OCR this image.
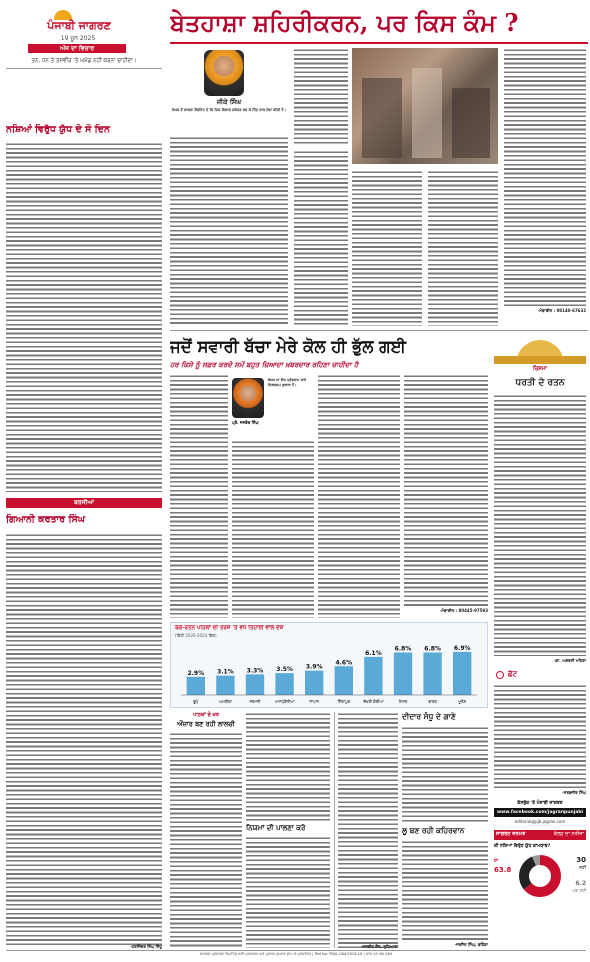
ਪੰਜਾਬੀ ਜਾਗਰਣ
19 ਜੂਨ 2025
ਅੱਜ ਦਾ ਵਿਚਾਰ
ਤਨ, ਧਨ ਤੇ ਤਸਵੀਰ 'ਤੇ ਘਮੰਡ ਨਹੀਂ ਕਰਨਾ ਚਾਹੀਦਾ।
ਬੇਤਹਾਸ਼ਾ ਸ਼ਹਿਰੀਕਰਨ, ਪਰ ਕਿਸ ਕੰਮ ?
ਨਸ਼ਿਆਂ ਵਿਰੁੱਧ ਯੁੱਧ ਦੇ ਸੌ ਦਿਨ
ਬਰਸੀਆਂ
ਗਿਆਨੀ ਕਰਤਾਰ ਸਿੰਘ
-ਹਰਜਿੰਦਰ ਸਿੰਘ ਸਿੱਧੂ
ਜੀਕੇ ਸਿੰਘ
ਲੇਖਕ ਤੋਂ ਸਾਬਕਾ ਕੈਬਨਿਟ ਦੇ ਕਿ ਦਿਕ ਵਿਭਾਗ ਸਕੱਤਰ ਬਣ ਕੇ ਹਿੰਦ ਨਾਲ ਸੇਵਾ ਕੀਤੀ ਹੈ।
-ਮੋਬਾਈਲ : 98140-67632
ਜਦੋਂ ਸਵਾਰੀ ਬੱਚਾ ਮੇਰੇ ਕੋਲ ਹੀ ਭੁੱਲ ਗਈ
ਹਰ ਕਿਸੇ ਨੂੰ ਸਫ਼ਰ ਕਰਦੇ ਸਮੇਂ ਬਹੁਤ ਜ਼ਿਆਦਾ ਖ਼ਬਰਦਾਰ ਰਹਿਣਾ ਚਾਹੀਦਾ ਹੈ
ਪ੍ਰੋ. ਜਸਵੰਤ ਸਿੰਘ
ਲੇਖਕ ਦਾ ਇਹ ਪ੍ਰੋਗਰਾਮ ਬਾਰੇ ਦਿਲਚਸਪ ਖੁਲਾਸਾ ਹੈ।
-ਮੋਬਾਈਲ : 80445-97593
ਰਿਸ਼ਮਾ
ਧਰਤੀ ਦੇ ਰਤਨ
-ਡਾ. ਅਸ਼ਵਨੀ ਮਹਿਤਾ
ਰੰਗ-ਰਤਨ ਪਹਿਲਾਂ ਦੀ ਤਰਜ਼ 'ਤੇ ਵਧ ਤਿਹਾਈ ਵਾਲੇ ਦੇਸ਼
(ਵਿੱਤੀ 2020-2024 ਵਿੱਚ)
2.9%
ਚੂਪੇ
3.1%
ਅਮਰੀਕਾ
3.3%
ਜਰਮਨੀ
3.5%
ਆਸਟ੍ਰੇਲੀਆ
3.9%
ਜਾਪਾਨ
4.6%
ਸਿੰਗਾਪੁਰ
6.1%
ਦੱਖਣੀ ਕੋਰੀਆ
6.8%
ਮਿਸਰ
6.8%
ਭਾਰਤ
6.9%
ਮੂਲੇਸ਼
ਪਾਠਕਾਂ ਦੇ ਖ਼ਤ
ਔਜ਼ਾਰ ਬਣ ਰਹੀ ਲਾਲਚੀ
ਨਿਯਮਾਂ ਦੀ ਪਾਲਣਾ ਕਰੋ
-ਜਸਵੀਰ ਕੌਰ, ਲੁਧਿਆਣਾ
ਦੀਦਾਰ ਸੰਧੂ ਦੇ ਗਾਣੇ
ਲੂ ਬਣ ਰਹੀ ਕਹਿਰਵਾਨ
-ਜਰਨੈਲ ਸਿੰਘ, ਬਠਿੰਡਾ
ਛੱਟ
-ਸਰਬਜੀਤ ਸਿੰਘ
ਫੇਸਬੁੱਕ 'ਤੇ ਪੰਜਾਬੀ ਜਾਗਰਣ
www.facebook.com/jagranpunjabi
editorial@pjb.jagran.com
ਜਾਗਰਣ ਜਨਮਤ	ਕੱਲ੍ਹ ਦਾ ਨਤੀਜਾ
ਕੀ ਨਸ਼ਿਆਂ ਵਿਰੁੱਧ ਯੁੱਧ ਕਾਮਯਾਬ?
ਹਾਂ
63.8
30
ਨਹੀਂ
6.2
ਪਤਾ ਨਹੀਂ
ਜਾਗਰਣ ਪ੍ਰਕਾਸ਼ਨ ਲਿਮਟਿਡ ਲਈ ਪ੍ਰਕਾਸ਼ਕ ਅਤੇ ਮੁਦਰਕ ਦੁਆਰਾ ਛਾਪ ਕੇ ਪ੍ਰਕਾਸ਼ਿਤ | RNI No. PBJ/L-064/2016-18 | ਸਾਲ 14 ਅੰਕ 264
